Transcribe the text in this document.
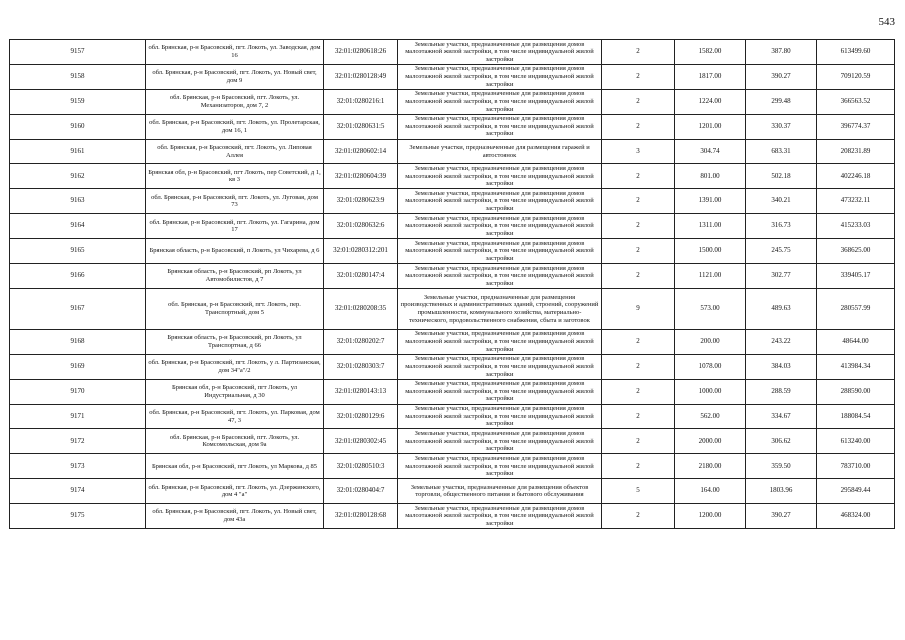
543
9157	обл. Брянская, р-н Брасовский, пгт. Локоть, ул. Заводская, дом 16	32:01:0280618:26	Земельные участки, предназначенные для размещения домов малоэтажной жилой застройки, в том числе индивидуальной жилой застройки	2	1582.00	387.80	613499.60
9158	обл. Брянская, р-н Брасовский, пгт. Локоть, ул. Новый свет, дом 9	32:01:0280128:49	Земельные участки, предназначенные для размещения домов малоэтажной жилой застройки, в том числе индивидуальной жилой застройки	2	1817.00	390.27	709120.59
9159	обл. Брянская, р-н Брасовский, пгт. Локоть, ул. Механизаторов, дом 7, 2	32:01:0280216:1	Земельные участки, предназначенные для размещения домов малоэтажной жилой застройки, в том числе индивидуальной жилой застройки	2	1224.00	299.48	366563.52
9160	обл. Брянская, р-н Брасовский, пгт. Локоть, ул. Пролетарская, дом 16, 1	32:01:0280631:5	Земельные участки, предназначенные для размещения домов малоэтажной жилой застройки, в том числе индивидуальной жилой застройки	2	1201.00	330.37	396774.37
9161	обл. Брянская, р-н Брасовский, пгт. Локоть, ул. Липовая Аллея	32:01:0280602:14	Земельные участки, предназначенные для размещения гаражей и автостоянок	3	304.74	683.31	208231.89
9162	Брянская обл, р-н Брасовский, пгт Локоть, пер Советский, д 1, кв 3	32:01:0280604:39	Земельные участки, предназначенные для размещения домов малоэтажной жилой застройки, в том числе индивидуальной жилой застройки	2	801.00	502.18	402246.18
9163	обл. Брянская, р-н Брасовский, пгт. Локоть, ул. Луговая, дом 73	32:01:0280623:9	Земельные участки, предназначенные для размещения домов малоэтажной жилой застройки, в том числе индивидуальной жилой застройки	2	1391.00	340.21	473232.11
9164	обл. Брянская, р-н Брасовский, пгт. Локоть, ул. Гагарина, дом 17	32:01:0280632:6	Земельные участки, предназначенные для размещения домов малоэтажной жилой застройки, в том числе индивидуальной жилой застройки	2	1311.00	316.73	415233.03
9165	Брянская область, р-н Брасовский, п Локоть, ул Чихарева, д 6	32:01:0280312:201	Земельные участки, предназначенные для размещения домов малоэтажной жилой застройки, в том числе индивидуальной жилой застройки	2	1500.00	245.75	368625.00
9166	Брянская область, р-н Брасовский, рп Локоть, ул Автомобилистов, д 7	32:01:0280147:4	Земельные участки, предназначенные для размещения домов малоэтажной жилой застройки, в том числе индивидуальной жилой застройки	2	1121.00	302.77	339405.17
9167	обл. Брянская, р-н Брасовский, пгт. Локоть, пер. Транспортный, дом 5	32:01:0280208:35	Земельные участки, предназначенные для размещения производственных и административных зданий, строений, сооружений промышленности, коммунального хозяйства, материально-технического, продовольственного снабжения, сбыта и заготовок	9	573.00	489.63	280557.99
9168	Брянская область, р-н Брасовский, рп Локоть, ул Транспортная, д 66	32:01:0280202:7	Земельные участки, предназначенные для размещения домов малоэтажной жилой застройки, в том числе индивидуальной жилой застройки	2	200.00	243.22	48644.00
9169	обл. Брянская, р-н Брасовский, пгт. Локоть, у л. Партизанская, дом 34"а"/2	32:01:0280303:7	Земельные участки, предназначенные для размещения домов малоэтажной жилой застройки, в том числе индивидуальной жилой застройки	2	1078.00	384.03	413984.34
9170	Брянская обл, р-н Брасовский, пгт Локоть, ул Индустриальная, д 30	32:01:0280143:13	Земельные участки, предназначенные для размещения домов малоэтажной жилой застройки, в том числе индивидуальной жилой застройки	2	1000.00	288.59	288590.00
9171	обл. Брянская, р-н Брасовский, пгт. Локоть, ул. Парковая, дом 47, 3	32:01:0280129:6	Земельные участки, предназначенные для размещения домов малоэтажной жилой застройки, в том числе индивидуальной жилой застройки	2	562.00	334.67	188084.54
9172	обл. Брянская, р-н Брасовский, пгт. Локоть, ул. Комсомольская, дом 9а	32:01:0280302:45	Земельные участки, предназначенные для размещения домов малоэтажной жилой застройки, в том числе индивидуальной жилой застройки	2	2000.00	306.62	613240.00
9173	Брянская обл, р-н Брасовский, пгт Локоть, ул Маркова, д 85	32:01:0280510:3	Земельные участки, предназначенные для размещения домов малоэтажной жилой застройки, в том числе индивидуальной жилой застройки	2	2180.00	359.50	783710.00
9174	обл. Брянская, р-н Брасовский, пгт. Локоть, ул. Дзержинского, дом 4 "а"	32:01:0280404:7	Земельные участки, предназначенные для размещения объектов торговли, общественного питания и бытового обслуживания	5	164.00	1803.96	295849.44
9175	обл. Брянская, р-н Брасовский, пгт. Локоть, ул. Новый свет, дом 43а	32:01:0280128:68	Земельные участки, предназначенные для размещения домов малоэтажной жилой застройки, в том числе индивидуальной жилой застройки	2	1200.00	390.27	468324.00
